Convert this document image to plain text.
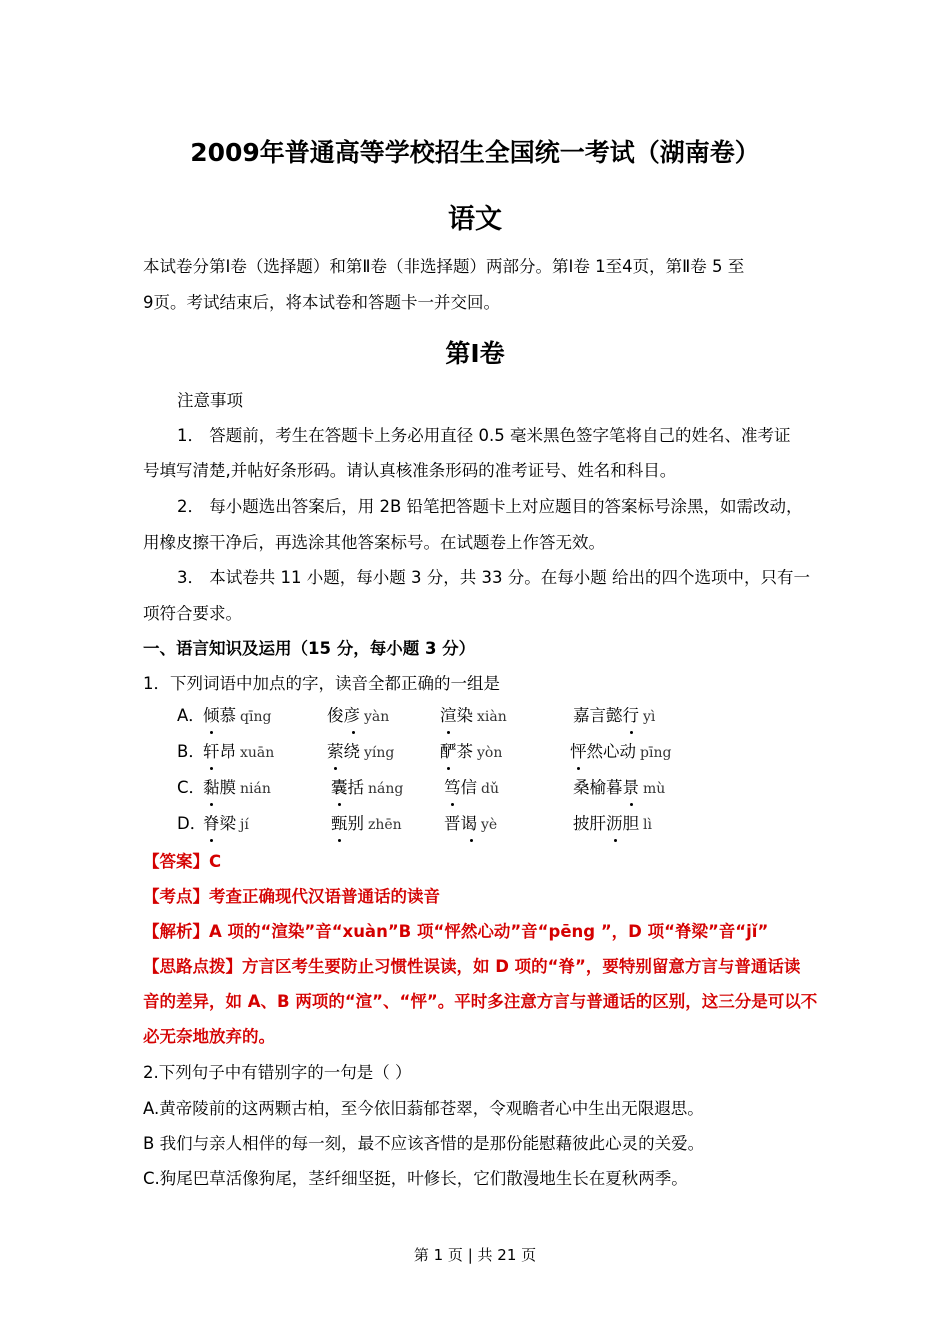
2009年普通高等学校招生全国统一考试（湖南卷）
语文
本试卷分第Ⅰ卷（选择题）和第Ⅱ卷（非选择题）两部分。第Ⅰ卷 1至4页，第Ⅱ卷 5 至
9页。考试结束后，将本试卷和答题卡一并交回。
第I卷
注意事项
1． 答题前，考生在答题卡上务必用直径 0.5 毫米黑色签字笔将自己的姓名、准考证
号填写清楚,并帖好条形码。请认真核准条形码的准考证号、姓名和科目。
2． 每小题选出答案后，用 2B 铅笔把答题卡上对应题目的答案标号涂黑，如需改动，
用橡皮擦干净后，再选涂其他答案标号。在试题卷上作答无效。
3． 本试卷共 11 小题，每小题 3 分，共 33 分。在每小题 给出的四个选项中，只有一
项符合要求。
一、语言知识及运用（15 分，每小题 3 分）
1．下列词语中加点的字，读音全都正确的一组是
A．
倾慕 qīng	俊彦 yàn	渲染 xiàn	嘉言懿行 yì
B．
轩昂 xuān	萦绕 yíng	酽茶 yòn	怦然心动 pīng
C．
黏膜 nián	囊括 náng 笃信 dǔ	桑榆暮景 mù
D．
脊梁 jí	甄别 zhēn	晋谒 yè	披肝沥胆 lì
【答案】C
【考点】考查正确现代汉语普通话的读音
【解析】A 项的“渲染”音“xuàn”B 项“怦然心动”音“pēng ”，D 项“脊梁”音“jǐ”
【思路点拨】方言区考生要防止习惯性误读，如 D 项的“脊”，要特别留意方言与普通话读
音的差异，如 A、B 两项的“渲”、“怦”。平时多注意方言与普通话的区别，这三分是可以不
必无奈地放弃的。
2.下列句子中有错别字的一句是（ ）
A.黄帝陵前的这两颗古柏，至今依旧蓊郁苍翠，令观瞻者心中生出无限遐思。
B 我们与亲人相伴的每一刻，最不应该吝惜的是那份能慰藉彼此心灵的关爱。
C.狗尾巴草活像狗尾，茎纤细坚挺，叶修长，它们散漫地生长在夏秋两季。
第 1 页 | 共 21 页
